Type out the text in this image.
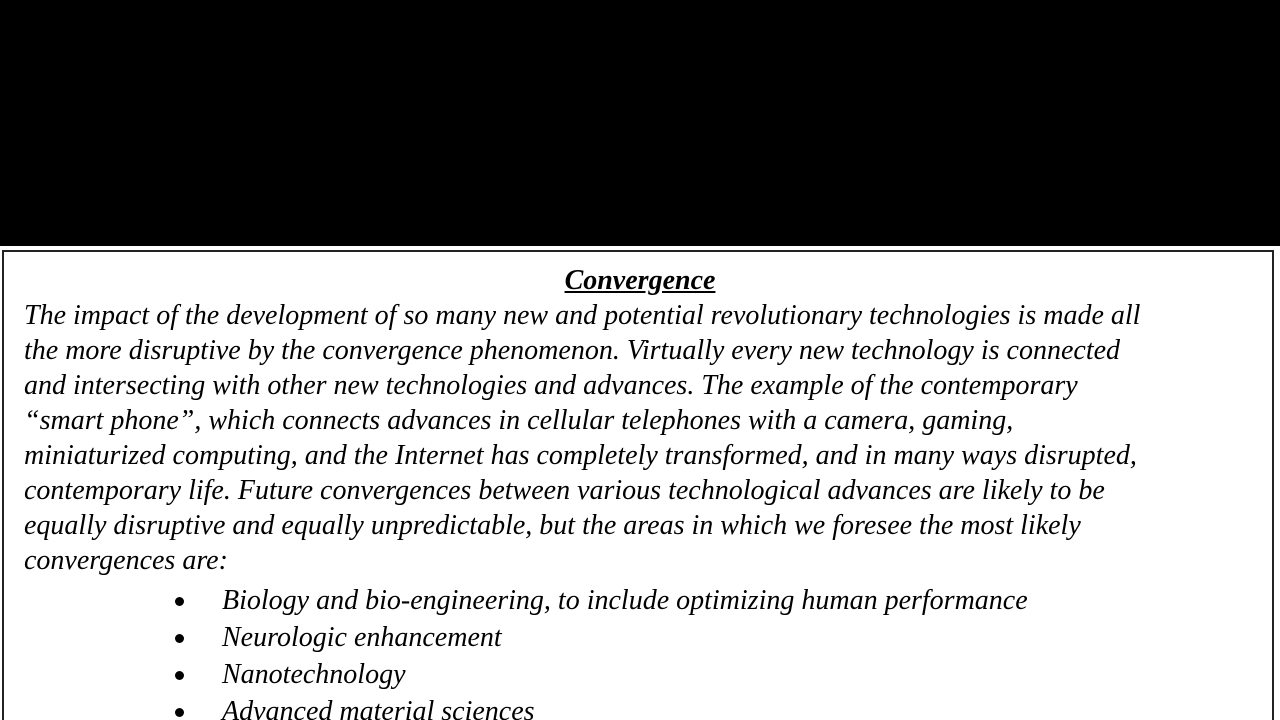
Convergence
The impact of the development of so many new and potential revolutionary technologies is made all
the more disruptive by the convergence phenomenon. Virtually every new technology is connected
and intersecting with other new technologies and advances. The example of the contemporary
“smart phone”, which connects advances in cellular telephones with a camera, gaming,
miniaturized computing, and the Internet has completely transformed, and in many ways disrupted,
contemporary life. Future convergences between various technological advances are likely to be
equally disruptive and equally unpredictable, but the areas in which we foresee the most likely
convergences are:
Biology and bio-engineering, to include optimizing human performance
Neurologic enhancement
Nanotechnology
Advanced material sciences
